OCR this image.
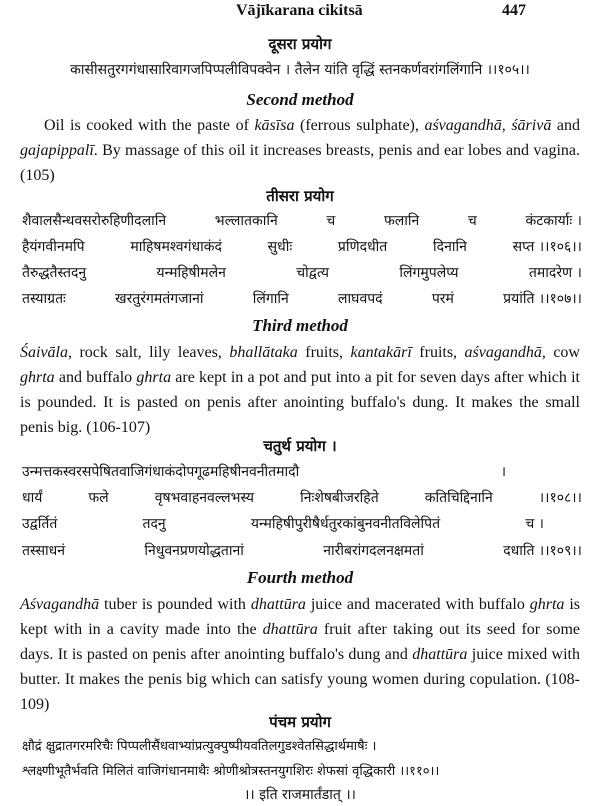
Vājīkarana cikitsā	447
दूसरा प्रयोग
कासीसतुरगगंधासारिवागजपिप्पलीविपक्वेन । तैलेन यांति वृद्धिं स्तनकर्णवरांगलिंगानि ।।१०५।।
Second method

Oil is cooked with the paste of kāsīsa (ferrous sulphate), aśvagandhā, śārivā and gajapippalī. By massage of this oil it increases breasts, penis and ear lobes and vagina. (105)

तीसरा प्रयोग
शैवालसैन्धवसरोरुहिणीदलानि	भल्लातकानि	च	फलानि	च	कंटकार्याः ।
हैयंगवीनमपि	माहिषमश्वगंधाकंदं	सुधीः	प्रणिदधीत	दिनानि	सप्त ।।१०६।।
तैरुद्धतैस्तदनु	यन्महिषीमलेन	चोद्वत्य	लिंगमुपलेप्य	तमादरेण ।
तस्याग्रतः	खरतुरंगमतंगजानां	लिंगानि	लाघवपदं	परमं	प्रयांति ।।१०७।।
Third method

Śaivāla, rock salt, lily leaves, bhallātaka fruits, kantakārī fruits, aśvagandhā, cow ghrta and buffalo ghrta are kept in a pot and put into a pit for seven days after which it is pounded. It is pasted on penis after anointing buffalo's dung. It makes the small penis big. (106-107)

चतुर्थ प्रयोग ।
उन्मत्तकस्वरसपेषितवाजिगंधाकंदोपगूढमहिषीनवनीतमादौ	।
धार्यं	फले	वृषभवाहनवल्लभस्य	निःशेषबीजरहिते	कतिचिद्दिनानि	।।१०८।।
उद्वर्तितं	तदनु	यन्महिषीपुरीषैर्धतुरकांबुनवनीतविलेपितं	च ।
तस्साधनं	निधुवनप्रणयोद्धतानां	नारीबरांगदलनक्षमतां	दधाति ।।१०९।।
Fourth method

Aśvagandhā tuber is pounded with dhattūra juice and macerated with buffalo ghrta is kept with in a cavity made into the dhattūra fruit after taking out its seed for some days. It is pasted on penis after anointing buffalo's dung and dhattūra juice mixed with butter. It makes the penis big which can satisfy young women during copulation. (108-109)

पंचम प्रयोग
क्षौद्रं क्षुद्रातगरमरिचैः पिप्पलीसैंधवाभ्यांप्रत्युक्पुष्पीयवतिलगुडश्वेतसिद्धार्थमाषैः ।
श्लक्ष्णीभूतैर्भवति मिलितं वाजिगंधानमाथैः श्रोणीश्रोत्रस्तनयुगशिरः शेफसां वृद्धिकारी ।।११०।।
।। इति राजमार्तंडात् ।।
